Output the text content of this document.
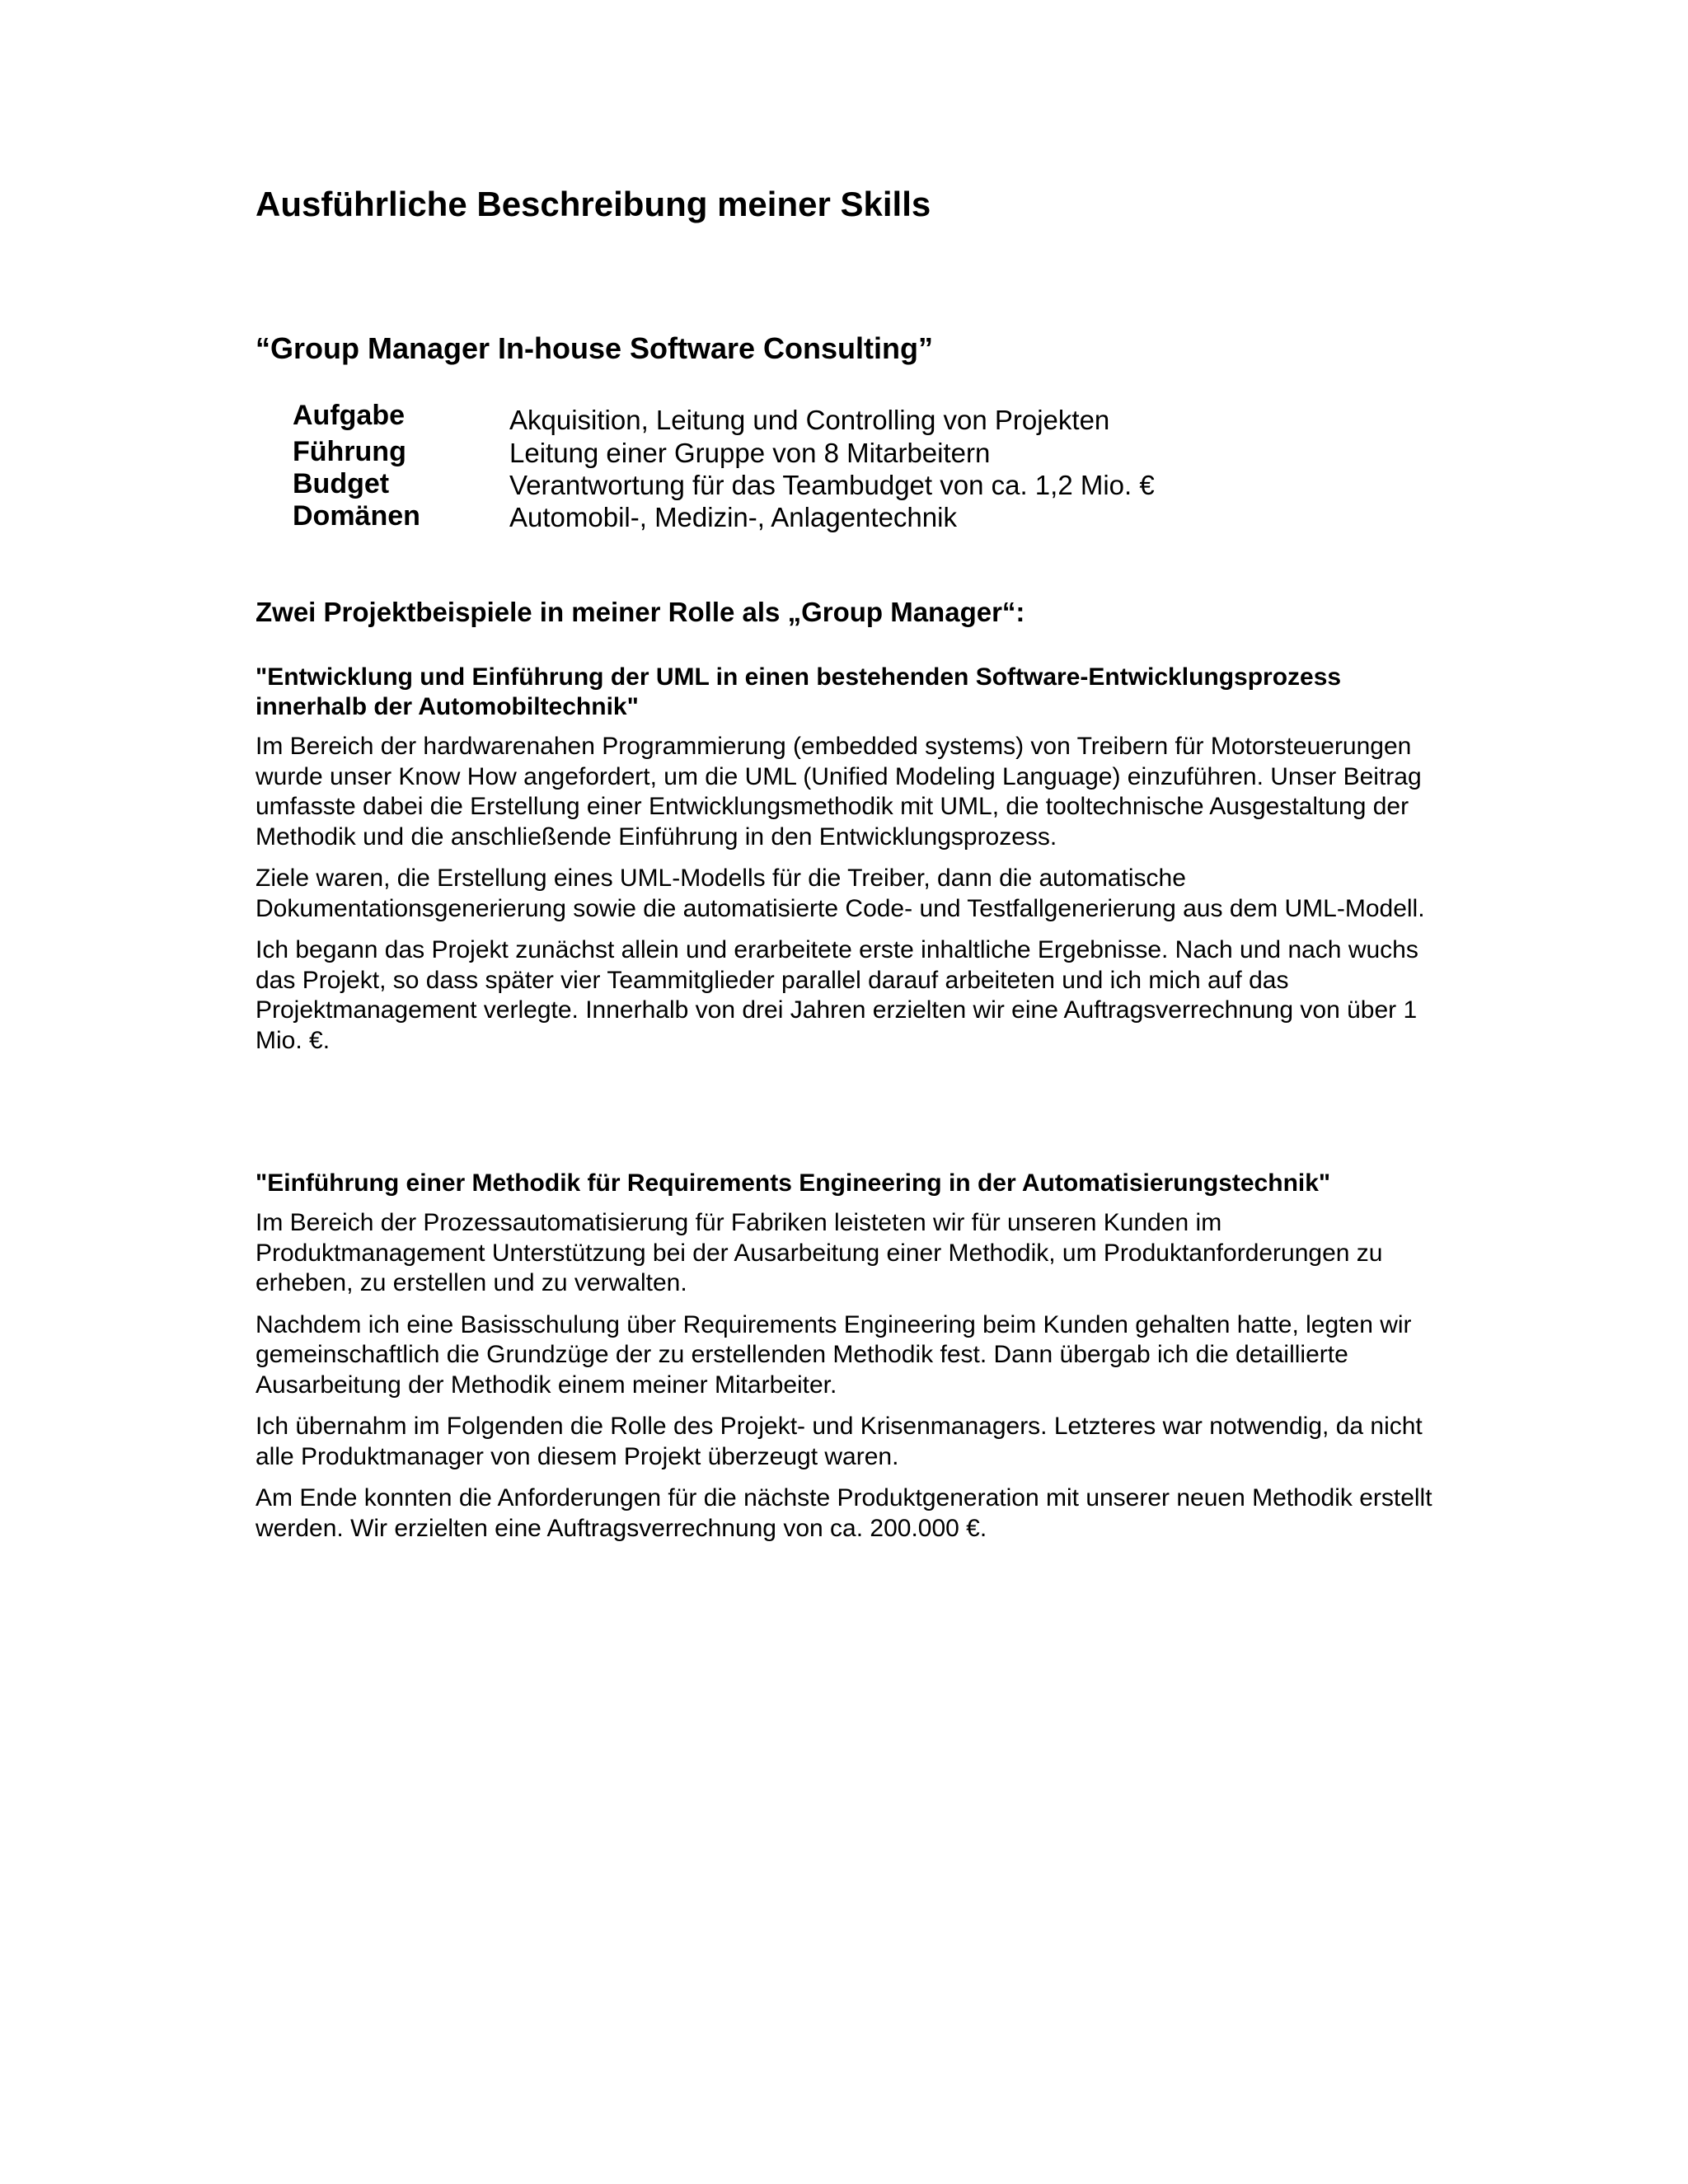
Ausführliche Beschreibung meiner Skills
“Group Manager In-house Software Consulting”
Aufgabe	Akquisition, Leitung und Controlling von Projekten
Führung	Leitung einer Gruppe von 8 Mitarbeitern
Budget	Verantwortung für das Teambudget von ca. 1,2 Mio. €
Domänen	Automobil-, Medizin-, Anlagentechnik
Zwei Projektbeispiele in meiner Rolle als „Group Manager“:
"Entwicklung und Einführung der UML in einen bestehenden Software-Entwicklungsprozess innerhalb der Automobiltechnik"

Im Bereich der hardwarenahen Programmierung (embedded systems) von Treibern für Motorsteuerungen wurde unser Know How angefordert, um die UML (Unified Modeling Language) einzuführen. Unser Beitrag umfasste dabei die Erstellung einer Entwicklungsmethodik mit UML, die tooltechnische Ausgestaltung der Methodik und die anschließende Einführung in den Entwicklungsprozess.

Ziele waren, die Erstellung eines UML-Modells für die Treiber, dann die automatische Dokumentationsgenerierung sowie die automatisierte Code- und Testfallgenerierung aus dem UML-Modell.

Ich begann das Projekt zunächst allein und erarbeitete erste inhaltliche Ergebnisse. Nach und nach wuchs das Projekt, so dass später vier Teammitglieder parallel darauf arbeiteten und ich mich auf das Projektmanagement verlegte. Innerhalb von drei Jahren erzielten wir eine Auftragsverrechnung von über 1 Mio. €.

"Einführung einer Methodik für Requirements Engineering in der Automatisierungstechnik"

Im Bereich der Prozessautomatisierung für Fabriken leisteten wir für unseren Kunden im Produktmanagement Unterstützung bei der Ausarbeitung einer Methodik, um Produktanforderungen zu erheben, zu erstellen und zu verwalten.

Nachdem ich eine Basisschulung über Requirements Engineering beim Kunden gehalten hatte, legten wir gemeinschaftlich die Grundzüge der zu erstellenden Methodik fest. Dann übergab ich die detaillierte Ausarbeitung der Methodik einem meiner Mitarbeiter.

Ich übernahm im Folgenden die Rolle des Projekt- und Krisenmanagers. Letzteres war notwendig, da nicht alle Produktmanager von diesem Projekt überzeugt waren.

Am Ende konnten die Anforderungen für die nächste Produktgeneration mit unserer neuen Methodik erstellt werden. Wir erzielten eine Auftragsverrechnung von ca. 200.000 €.
